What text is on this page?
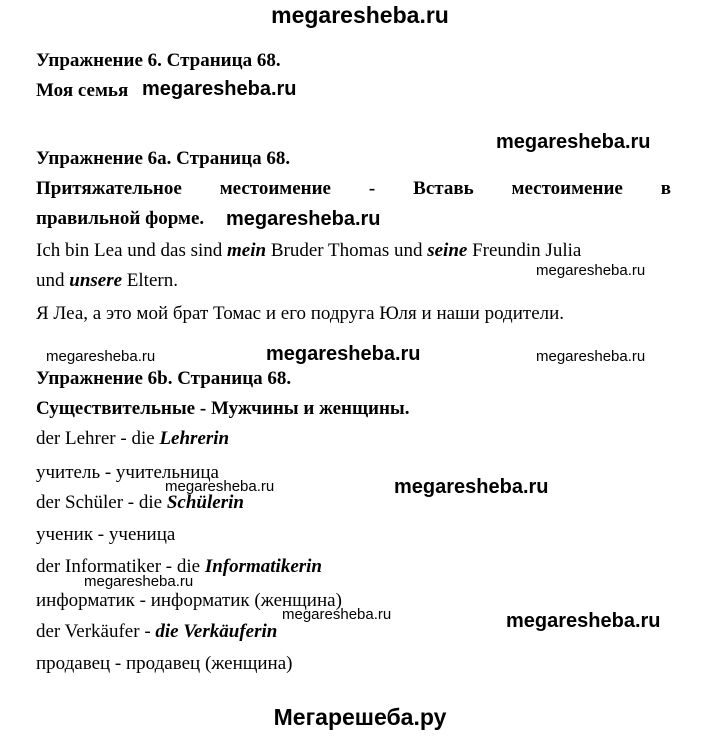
megaresheba.ru
Упражнение 6. Страница 68.
Моя семья megaresheba.ru
megaresheba.ru
Упражнение 6а. Страница 68.
Притяжательное местоимение - Вставь местоимение в
правильной форме. megaresheba.ru
Ich bin Lea und das sind mein Bruder Thomas und seine Freundin Julia
und unsere Eltern.	megaresheba.ru
Я Леа, а это мой брат Томас и его подруга Юля и наши родители.
megaresheba.ru	megaresheba.ru	megaresheba.ru
Упражнение 6b. Страница 68.
Существительные - Мужчины и женщины.
der Lehrer - die Lehrerin
учитель - учительница
megaresheba.ru	megaresheba.ru
der Schüler - die Schülerin
ученик - ученица
der Informatiker - die Informatikerin
megaresheba.ru
информатик - информатик (женщина)
megaresheba.ru	megaresheba.ru
der Verkäufer - die Verkäuferin
продавец - продавец (женщина)
Мегарешеба.ру
